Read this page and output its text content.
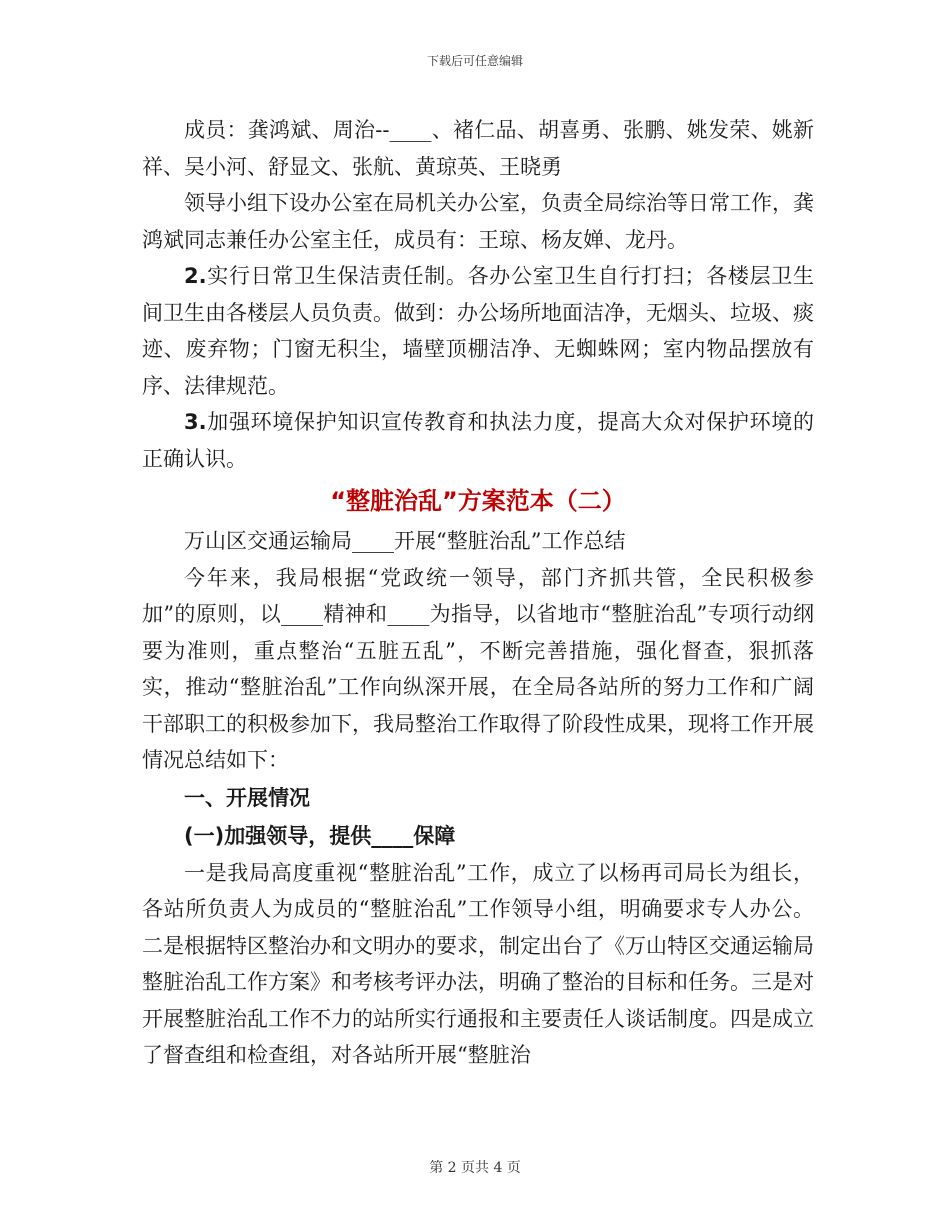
下载后可任意编辑

成员：龚鸿斌、周治--____、褚仁品、胡喜勇、张鹏、姚发荣、姚新祥、吴小河、舒显文、张航、黄琼英、王晓勇

领导小组下设办公室在局机关办公室，负责全局综治等日常工作，龚鸿斌同志兼任办公室主任，成员有：王琼、杨友婵、龙丹。

2.实行日常卫生保洁责任制。各办公室卫生自行打扫；各楼层卫生间卫生由各楼层人员负责。做到：办公场所地面洁净，无烟头、垃圾、痰迹、废弃物；门窗无积尘，墙壁顶棚洁净、无蜘蛛网；室内物品摆放有序、法律规范。

3.加强环境保护知识宣传教育和执法力度，提高大众对保护环境的正确认识。

“整脏治乱”方案范本（二）

万山区交通运输局____开展“整脏治乱”工作总结

今年来，我局根据“党政统一领导，部门齐抓共管，全民积极参加”的原则，以____精神和____为指导，以省地市“整脏治乱”专项行动纲要为准则，重点整治“五脏五乱”，不断完善措施，强化督查，狠抓落实，推动“整脏治乱”工作向纵深开展，在全局各站所的努力工作和广阔干部职工的积极参加下，我局整治工作取得了阶段性成果，现将工作开展情况总结如下：

一、开展情况

(一)加强领导，提供____保障

一是我局高度重视“整脏治乱”工作，成立了以杨再司局长为组长，各站所负责人为成员的“整脏治乱”工作领导小组，明确要求专人办公。二是根据特区整治办和文明办的要求，制定出台了《万山特区交通运输局整脏治乱工作方案》和考核考评办法，明确了整治的目标和任务。三是对开展整脏治乱工作不力的站所实行通报和主要责任人谈话制度。四是成立了督查组和检查组，对各站所开展“整脏治

第 2 页共 4 页
